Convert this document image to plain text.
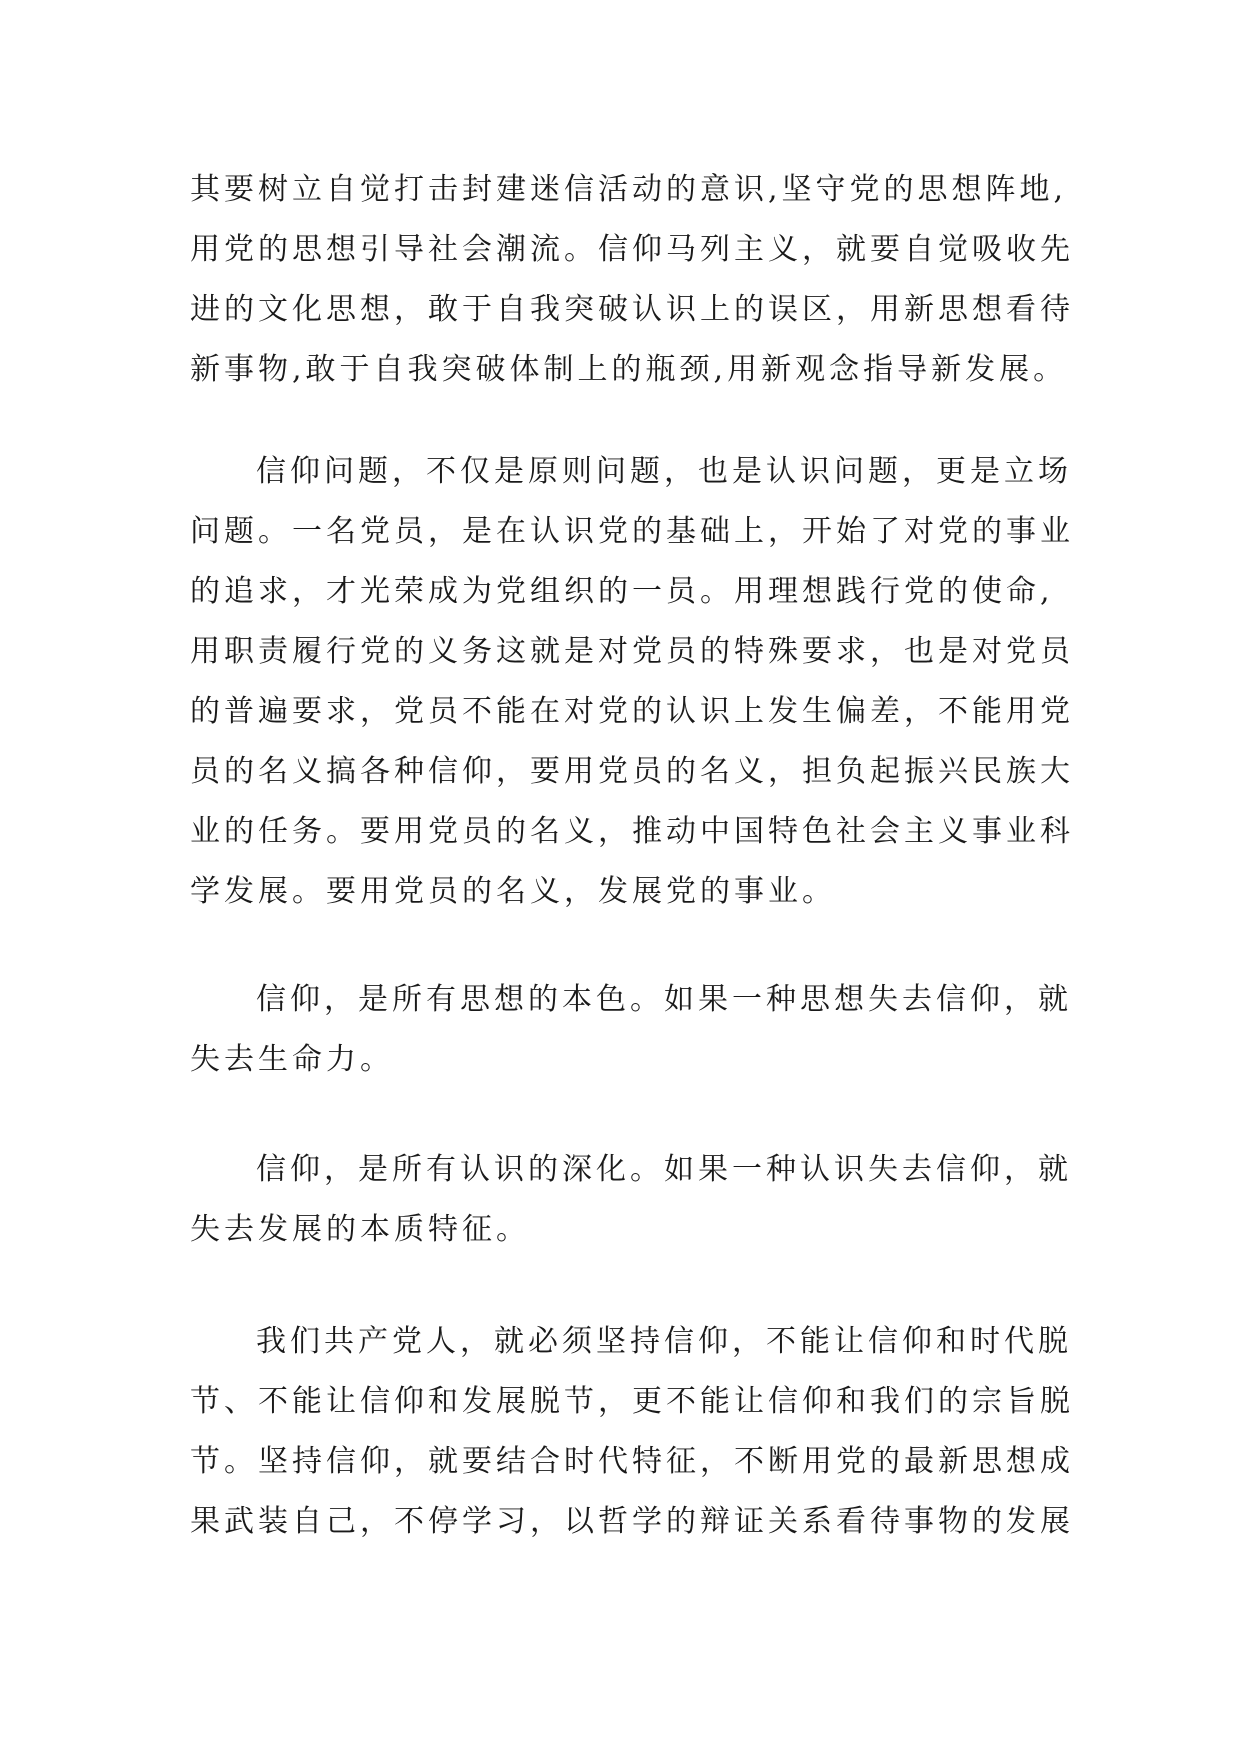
其要树立自觉打击封建迷信活动的意识,坚守党的思想阵地,
用党的思想引导社会潮流。信仰马列主义，就要自觉吸收先
进的文化思想，敢于自我突破认识上的误区，用新思想看待
新事物,敢于自我突破体制上的瓶颈,用新观念指导新发展。
信仰问题，不仅是原则问题，也是认识问题，更是立场
问题。一名党员，是在认识党的基础上，开始了对党的事业
的追求，才光荣成为党组织的一员。用理想践行党的使命,
用职责履行党的义务这就是对党员的特殊要求，也是对党员
的普遍要求，党员不能在对党的认识上发生偏差，不能用党
员的名义搞各种信仰，要用党员的名义，担负起振兴民族大
业的任务。要用党员的名义，推动中国特色社会主义事业科
学发展。要用党员的名义，发展党的事业。
信仰，是所有思想的本色。如果一种思想失去信仰，就
失去生命力。
信仰，是所有认识的深化。如果一种认识失去信仰，就
失去发展的本质特征。
我们共产党人，就必须坚持信仰，不能让信仰和时代脱
节、不能让信仰和发展脱节，更不能让信仰和我们的宗旨脱
节。坚持信仰，就要结合时代特征，不断用党的最新思想成
果武装自己，不停学习，以哲学的辩证关系看待事物的发展
